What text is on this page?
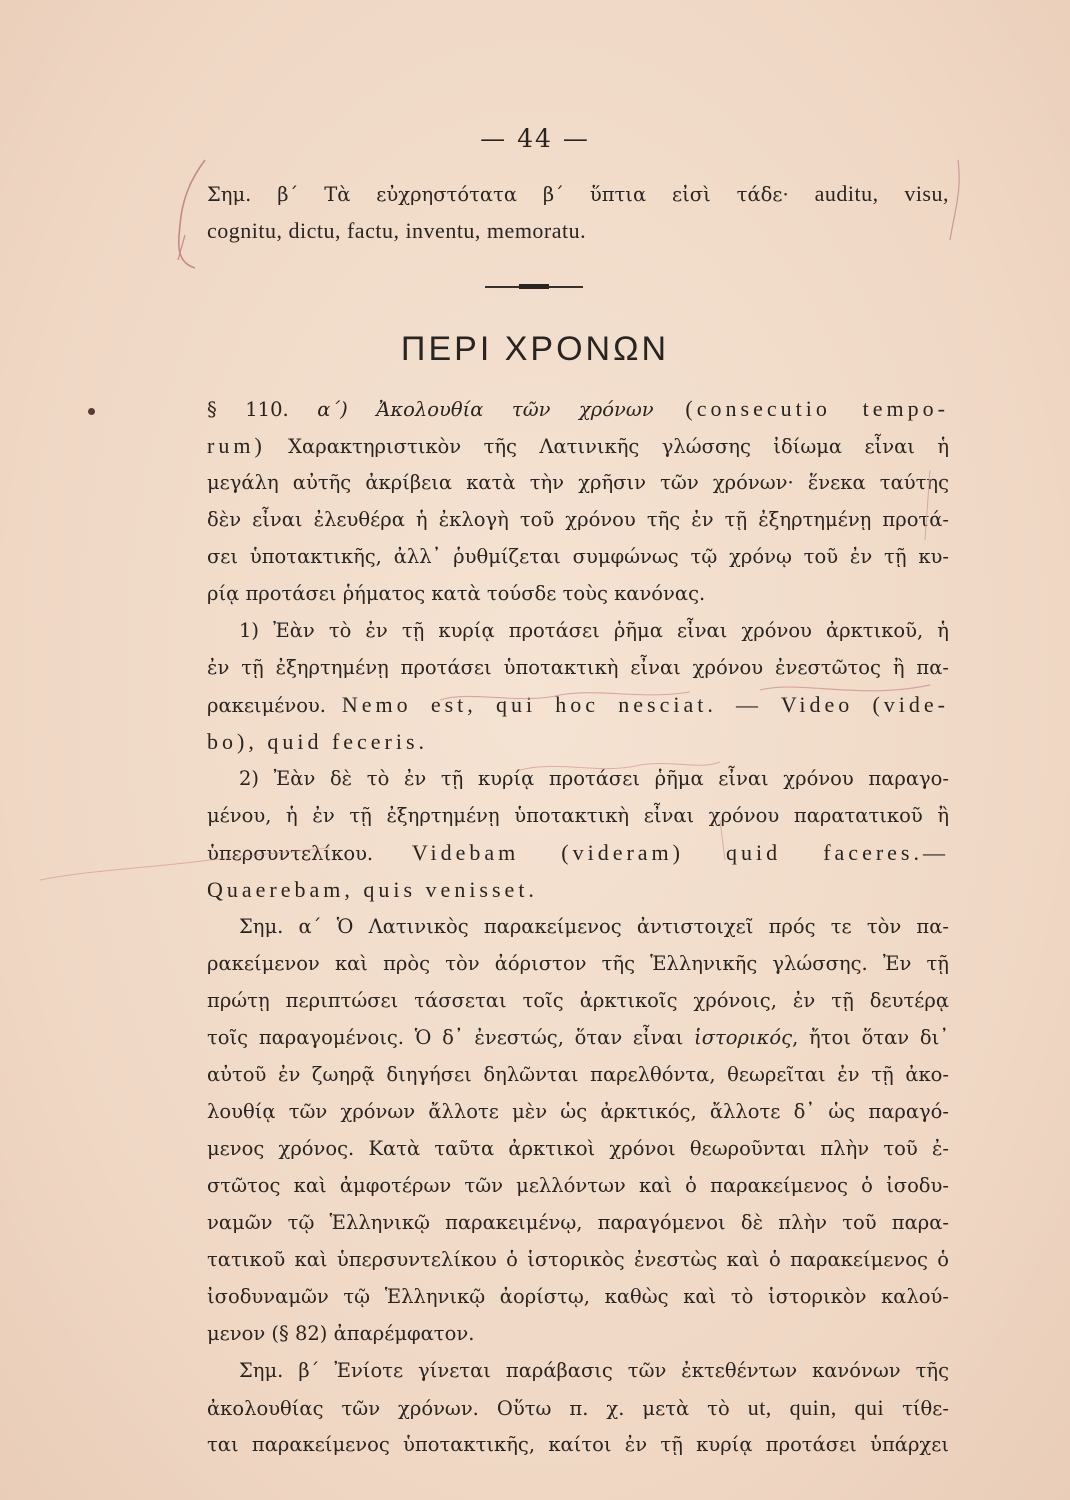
— 44 —
Σημ. β΄ Τὰ εὐχρηστότατα β΄ ὕπτια εἰσὶ τάδε· auditu, visu,
cognitu, dictu, factu, inventu, memoratu.
ΠΕΡΙ ΧΡΟΝΩΝ
§ 110. α΄) Ἀκολουθία τῶν χρόνων (consecutio tempo-
rum) Χαρακτηριστικὸν τῆς Λατινικῆς γλώσσης ἰδίωμα εἶναι ἡ
μεγάλη αὐτῆς ἀκρίβεια κατὰ τὴν χρῆσιν τῶν χρόνων· ἕνεκα ταύτης
δὲν εἶναι ἐλευθέρα ἡ ἐκλογὴ τοῦ χρόνου τῆς ἐν τῇ ἐξηρτημένῃ προτά-
σει ὑποτακτικῆς, ἀλλ᾽ ῥυθμίζεται συμφώνως τῷ χρόνῳ τοῦ ἐν τῇ κυ-
ρίᾳ προτάσει ῥήματος κατὰ τούσδε τοὺς κανόνας.
1) Ἐὰν τὸ ἐν τῇ κυρίᾳ προτάσει ῥῆμα εἶναι χρόνου ἀρκτικοῦ, ἡ
ἐν τῇ ἐξηρτημένῃ προτάσει ὑποτακτικὴ εἶναι χρόνου ἐνεστῶτος ἢ πα-
ρακειμένου. Nemo est, qui hoc nesciat. — Video (vide-
bo), quid feceris.
2) Ἐὰν δὲ τὸ ἐν τῇ κυρίᾳ προτάσει ῥῆμα εἶναι χρόνου παραγο-
μένου, ἡ ἐν τῇ ἐξηρτημένῃ ὑποτακτικὴ εἶναι χρόνου παρατατικοῦ ἢ
ὑπερσυντελίκου. Videbam (videram) quid faceres.—
Quaerebam, quis venisset.
Σημ. α΄ Ὁ Λατινικὸς παρακείμενος ἀντιστοιχεῖ πρός τε τὸν πα-
ρακείμενον καὶ πρὸς τὸν ἀόριστον τῆς Ἑλληνικῆς γλώσσης. Ἐν τῇ
πρώτῃ περιπτώσει τάσσεται τοῖς ἀρκτικοῖς χρόνοις, ἐν τῇ δευτέρᾳ
τοῖς παραγομένοις. Ὁ δ᾽ ἐνεστώς, ὅταν εἶναι ἱστορικός, ἤτοι ὅταν δι᾽
αὐτοῦ ἐν ζωηρᾷ διηγήσει δηλῶνται παρελθόντα, θεωρεῖται ἐν τῇ ἀκο-
λουθίᾳ τῶν χρόνων ἄλλοτε μὲν ὡς ἀρκτικός, ἄλλοτε δ᾽ ὡς παραγό-
μενος χρόνος. Κατὰ ταῦτα ἀρκτικοὶ χρόνοι θεωροῦνται πλὴν τοῦ ἐ-
στῶτος καὶ ἀμφοτέρων τῶν μελλόντων καὶ ὁ παρακείμενος ὁ ἰσοδυ-
ναμῶν τῷ Ἑλληνικῷ παρακειμένῳ, παραγόμενοι δὲ πλὴν τοῦ παρα-
τατικοῦ καὶ ὑπερσυντελίκου ὁ ἱστορικὸς ἐνεστὼς καὶ ὁ παρακείμενος ὁ
ἰσοδυναμῶν τῷ Ἑλληνικῷ ἀορίστῳ, καθὼς καὶ τὸ ἱστορικὸν καλού-
μενον (§ 82) ἀπαρέμφατον.
Σημ. β΄ Ἐνίοτε γίνεται παράβασις τῶν ἐκτεθέντων κανόνων τῆς
ἀκολουθίας τῶν χρόνων. Οὕτω π. χ. μετὰ τὸ ut, quin, qui τίθε-
ται παρακείμενος ὑποτακτικῆς, καίτοι ἐν τῇ κυρίᾳ προτάσει ὑπάρχει
